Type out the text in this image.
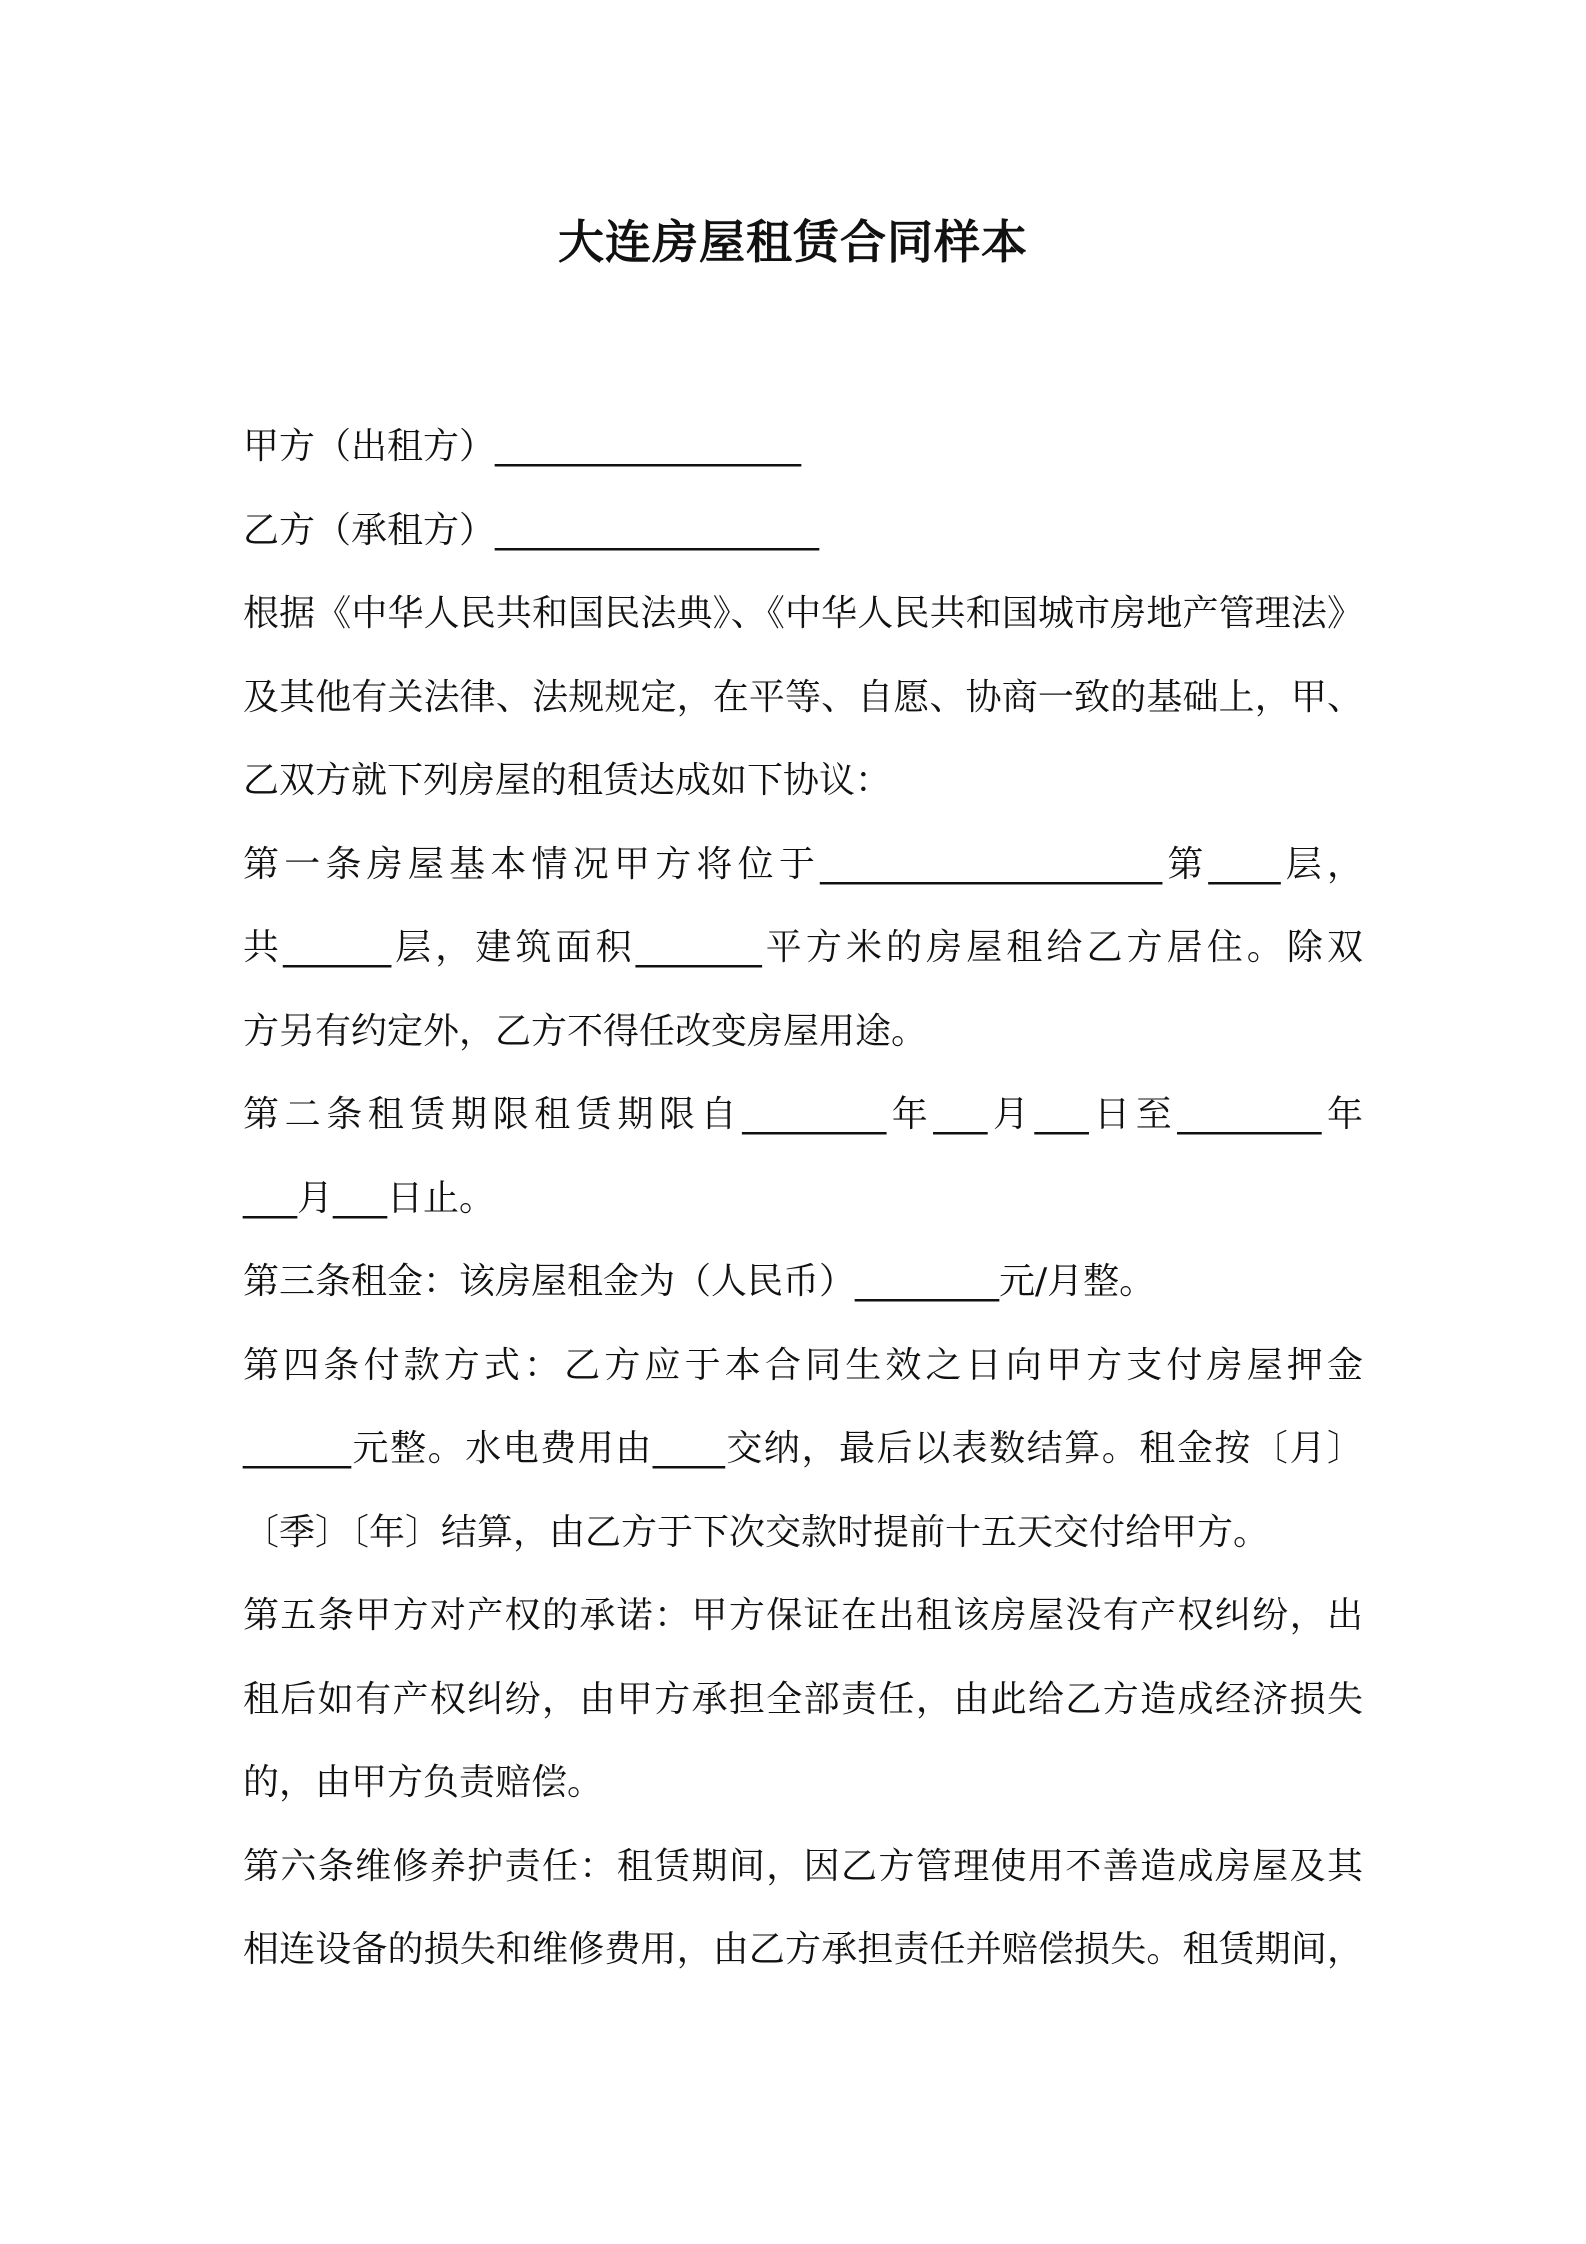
大连房屋租赁合同样本
甲方（出租方）_________________
乙方（承租方）__________________
根据《中华人民共和国民法典》、《中华人民共和国城市房地产管理法》
及其他有关法律、法规规定，在平等、自愿、协商一致的基础上，甲、
乙双方就下列房屋的租赁达成如下协议：
第一条房屋基本情况甲方将位于___________________第____层，
共______层，建筑面积_______平方米的房屋租给乙方居住。除双
方另有约定外，乙方不得任改变房屋用途。
第二条租赁期限租赁期限自________年___月___日至________年
___月___日止。
第三条租金：该房屋租金为（人民币）________元/月整。
第四条付款方式：乙方应于本合同生效之日向甲方支付房屋押金
______元整。水电费用由____交纳，最后以表数结算。租金按〔月〕
〔季〕〔年〕结算，由乙方于下次交款时提前十五天交付给甲方。
第五条甲方对产权的承诺：甲方保证在出租该房屋没有产权纠纷，出
租后如有产权纠纷，由甲方承担全部责任，由此给乙方造成经济损失
的，由甲方负责赔偿。
第六条维修养护责任：租赁期间，因乙方管理使用不善造成房屋及其
相连设备的损失和维修费用，由乙方承担责任并赔偿损失。租赁期间，
